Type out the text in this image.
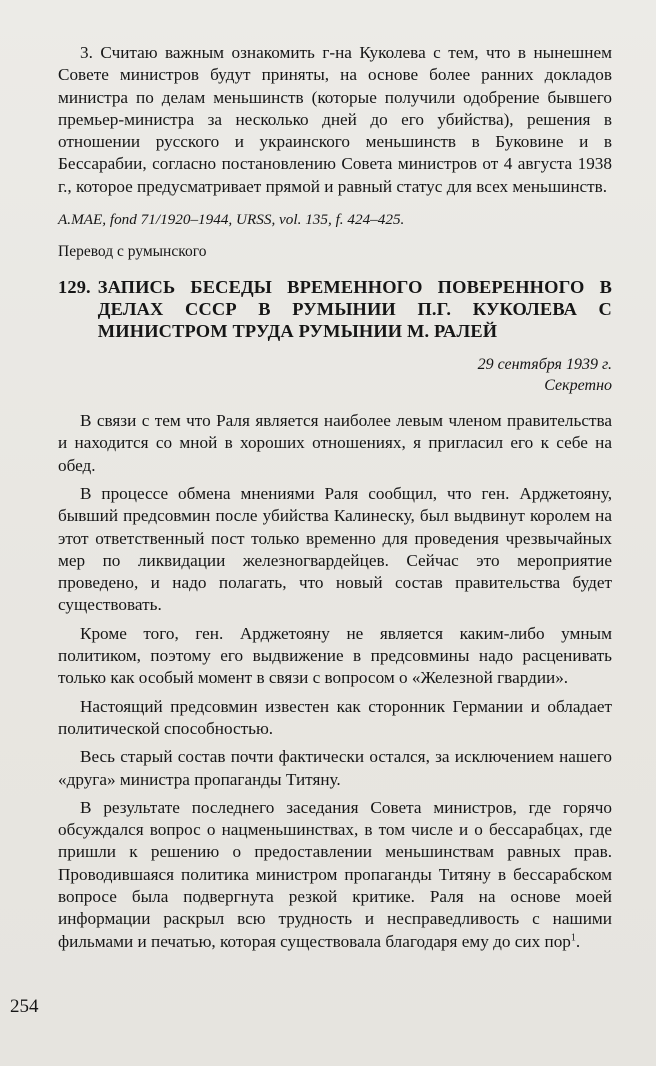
3. Считаю важным ознакомить г-на Куколева с тем, что в нынешнем Совете министров будут приняты, на основе более ранних докладов министра по делам меньшинств (которые получили одобрение бывшего премьер-министра за несколько дней до его убийства), решения в отношении русского и украинского меньшинств в Буковине и в Бессарабии, согласно постановлению Совета министров от 4 августа 1938 г., которое предусматривает прямой и равный статус для всех меньшинств.

A.MAE, fond 71/1920–1944, URSS, vol. 135, f. 424–425.

Перевод с румынского

129. ЗАПИСЬ БЕСЕДЫ ВРЕМЕННОГО ПОВЕРЕННОГО В ДЕЛАХ СССР В РУМЫНИИ П.Г. КУКОЛЕВА С МИНИСТРОМ ТРУДА РУМЫНИИ М. РАЛЕЙ
29 сентября 1939 г.
Секретно

В связи с тем что Раля является наиболее левым членом правительства и находится со мной в хороших отношениях, я пригласил его к себе на обед.

В процессе обмена мнениями Раля сообщил, что ген. Арджетояну, бывший предсовмин после убийства Калинеску, был выдвинут королем на этот ответственный пост только временно для проведения чрезвычайных мер по ликвидации железногвардейцев. Сейчас это мероприятие проведено, и надо полагать, что новый состав правительства будет существовать.

Кроме того, ген. Арджетояну не является каким-либо умным политиком, поэтому его выдвижение в предсовмины надо расценивать только как особый момент в связи с вопросом о «Железной гвардии».

Настоящий предсовмин известен как сторонник Германии и обладает политической способностью.

Весь старый состав почти фактически остался, за исключением нашего «друга» министра пропаганды Титяну.

В результате последнего заседания Совета министров, где горячо обсуждался вопрос о нацменьшинствах, в том числе и о бессарабцах, где пришли к решению о предоставлении меньшинствам равных прав. Проводившаяся политика министром пропаганды Титяну в бессарабском вопросе была подвергнута резкой критике. Раля на основе моей информации раскрыл всю трудность и несправедливость с нашими фильмами и печатью, которая существовала благодаря ему до сих пор$^1$.

254
